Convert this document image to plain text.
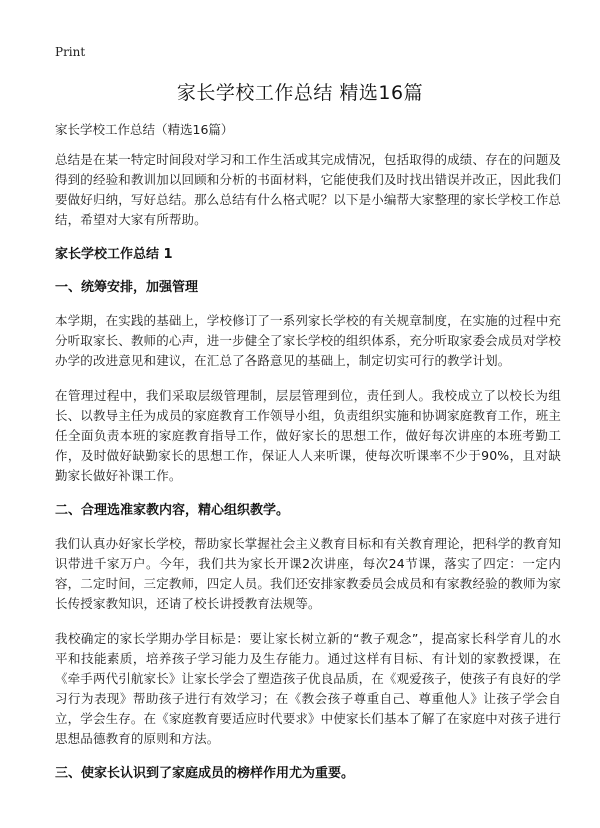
Print
家长学校工作总结 精选16篇

家长学校工作总结（精选16篇）

总结是在某一特定时间段对学习和工作生活或其完成情况，包括取得的成绩、存在的问题及得到的经验和教训加以回顾和分析的书面材料，它能使我们及时找出错误并改正，因此我们要做好归纳，写好总结。那么总结有什么格式呢？以下是小编帮大家整理的家长学校工作总结，希望对大家有所帮助。

家长学校工作总结 1

一、统筹安排，加强管理

本学期，在实践的基础上，学校修订了一系列家长学校的有关规章制度，在实施的过程中充分听取家长、教师的心声，进一步健全了家长学校的组织体系，充分听取家委会成员对学校办学的改进意见和建议，在汇总了各路意见的基础上，制定切实可行的教学计划。

在管理过程中，我们采取层级管理制，层层管理到位，责任到人。我校成立了以校长为组长、以教导主任为成员的家庭教育工作领导小组，负责组织实施和协调家庭教育工作，班主任全面负责本班的家庭教育指导工作，做好家长的思想工作，做好每次讲座的本班考勤工作，及时做好缺勤家长的思想工作，保证人人来听课，使每次听课率不少于90%，且对缺勤家长做好补课工作。

二、合理选准家教内容，精心组织教学。

我们认真办好家长学校，帮助家长掌握社会主义教育目标和有关教育理论，把科学的教育知识带进千家万户。今年，我们共为家长开课2次讲座，每次24节课，落实了四定：一定内容，二定时间，三定教师，四定人员。我们还安排家教委员会成员和有家教经验的教师为家长传授家教知识，还请了校长讲授教育法规等。

我校确定的家长学期办学目标是：要让家长树立新的“教子观念”，提高家长科学育儿的水平和技能素质，培养孩子学习能力及生存能力。通过这样有目标、有计划的家教授课，在《牵手两代引航家长》让家长学会了塑造孩子优良品质，在《观爱孩子，使孩子有良好的学习行为表现》帮助孩子进行有效学习；在《教会孩子尊重自己、尊重他人》让孩子学会自立，学会生存。在《家庭教育要适应时代要求》中使家长们基本了解了在家庭中对孩子进行思想品德教育的原则和方法。

三、使家长认识到了家庭成员的榜样作用尤为重要。
